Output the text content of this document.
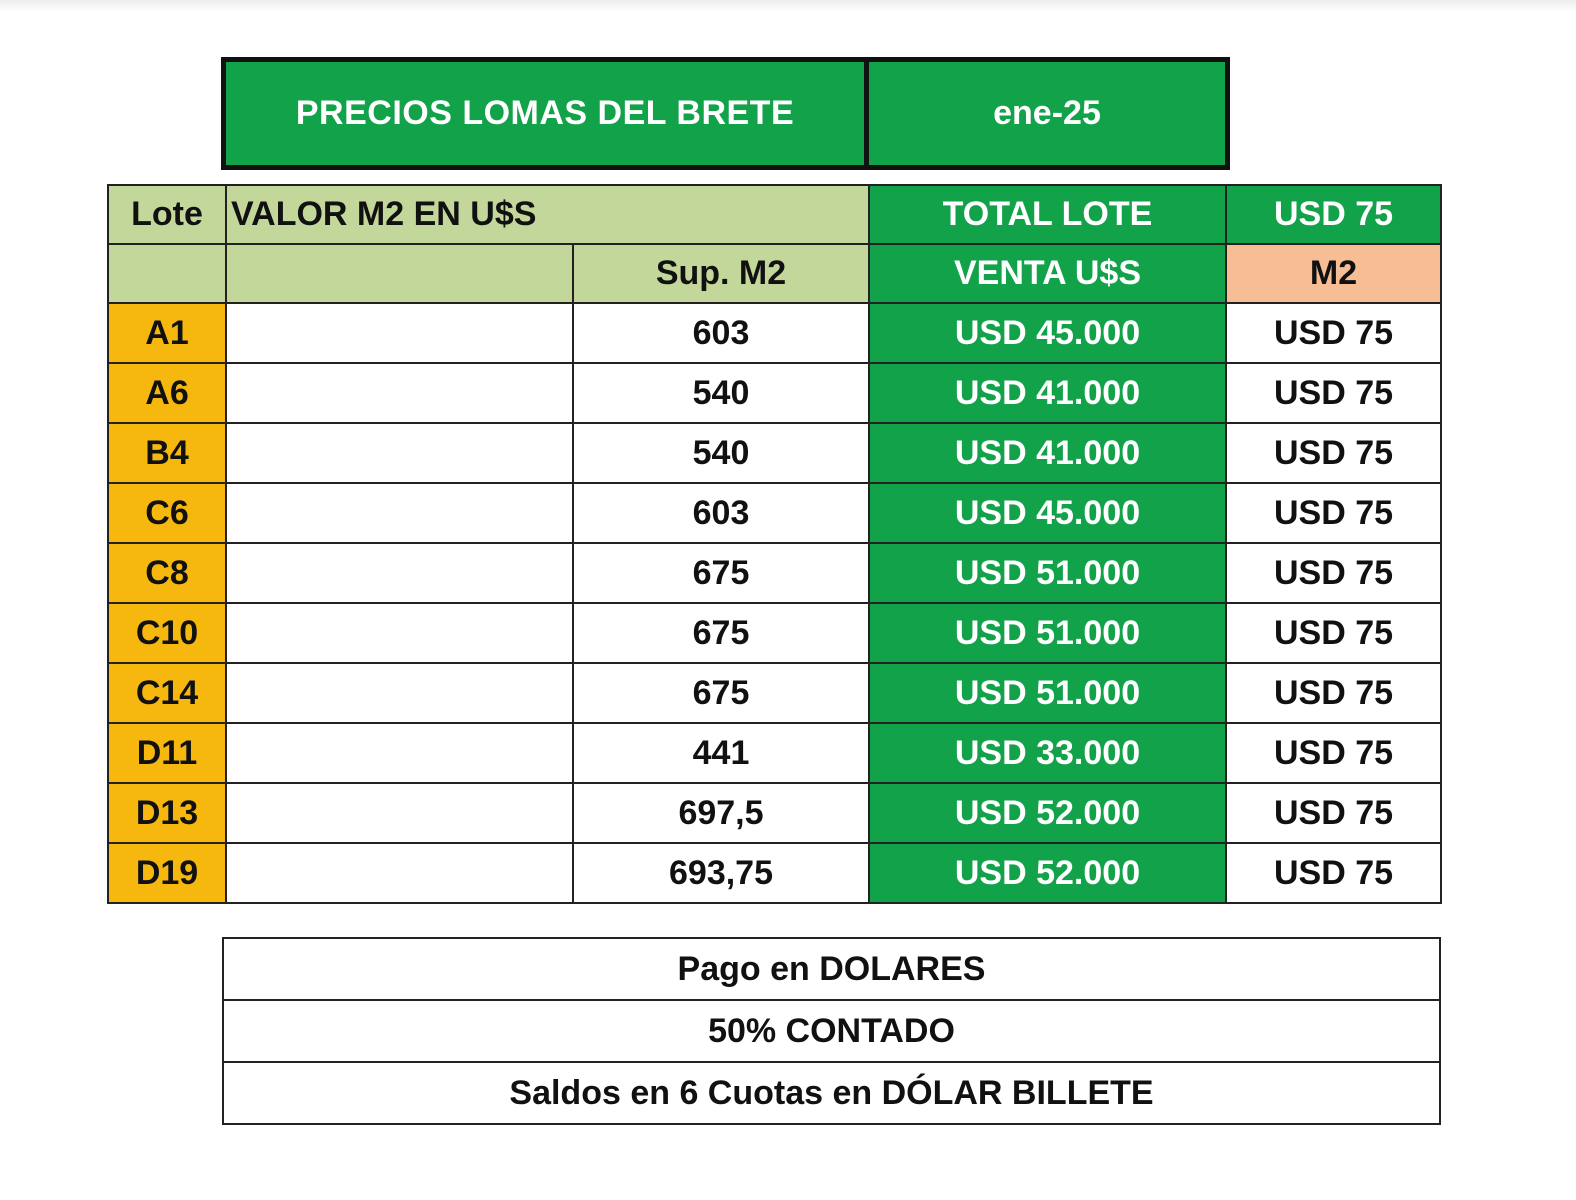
PRECIOS LOMAS DEL BRETE	ene-25
Lote	VALOR M2 EN U$S		TOTAL LOTE	USD 75
		Sup. M2	VENTA U$S	M2
A1		603	USD 45.000	USD 75
A6		540	USD 41.000	USD 75
B4		540	USD 41.000	USD 75
C6		603	USD 45.000	USD 75
C8		675	USD 51.000	USD 75
C10		675	USD 51.000	USD 75
C14		675	USD 51.000	USD 75
D11		441	USD 33.000	USD 75
D13		697,5	USD 52.000	USD 75
D19		693,75	USD 52.000	USD 75
Pago en DOLARES
50% CONTADO
Saldos en 6 Cuotas en DÓLAR BILLETE
